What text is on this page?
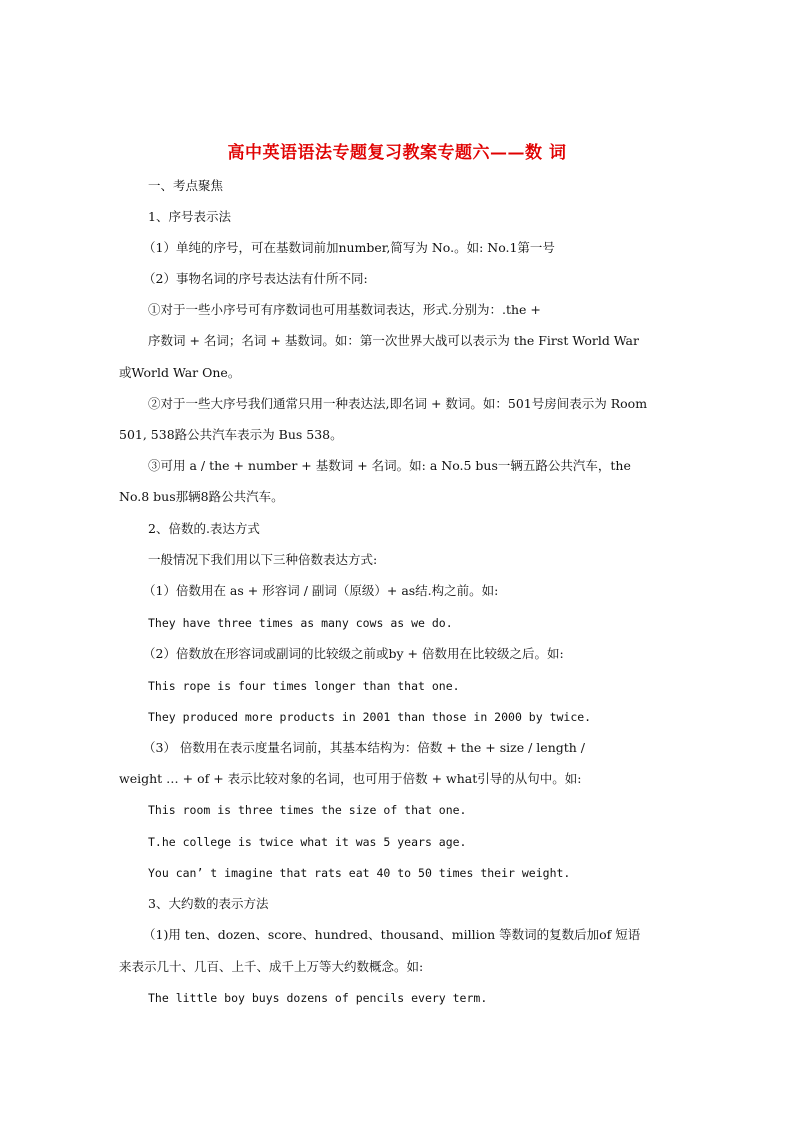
高中英语语法专题复习教案专题六——数 词
一、考点聚焦
1、序号表示法
（1）单纯的序号，可在基数词前加number,简写为 No.。如: No.1第一号
（2）事物名词的序号表达法有什所不同:
①对于一些小序号可有序数词也可用基数词表达，形式.分别为：.the +
序数词 + 名词；名词 + 基数词。如：第一次世界大战可以表示为 the First World War
或World War One。
②对于一些大序号我们通常只用一种表达法,即名词 + 数词。如：501号房间表示为 Room
501, 538路公共汽车表示为 Bus 538。
③可用 a / the + number + 基数词 + 名词。如: a No.5 bus一辆五路公共汽车，the
No.8 bus那辆8路公共汽车。
2、倍数的.表达方式
一般情况下我们用以下三种倍数表达方式:
（1）倍数用在 as + 形容词 / 副词（原级）+ as结.构之前。如:
They have three times as many cows as we do.
（2）倍数放在形容词或副词的比较级之前或by + 倍数用在比较级之后。如:
This rope is four times longer than that one.
They produced more products in 2001 than those in 2000 by twice.
（3） 倍数用在表示度量名词前，其基本结构为：倍数 + the + size / length /
weight … + of + 表示比较对象的名词，也可用于倍数 + what引导的从句中。如:
This room is three times the size of that one.
T.he college is twice what it was 5 years age.
You can’ t imagine that rats eat 40 to 50 times their weight.
3、大约数的表示方法
（1)用 ten、dozen、score、hundred、thousand、million 等数词的复数后加of 短语
来表示几十、几百、上千、成千上万等大约数概念。如:
The little boy buys dozens of pencils every term.
